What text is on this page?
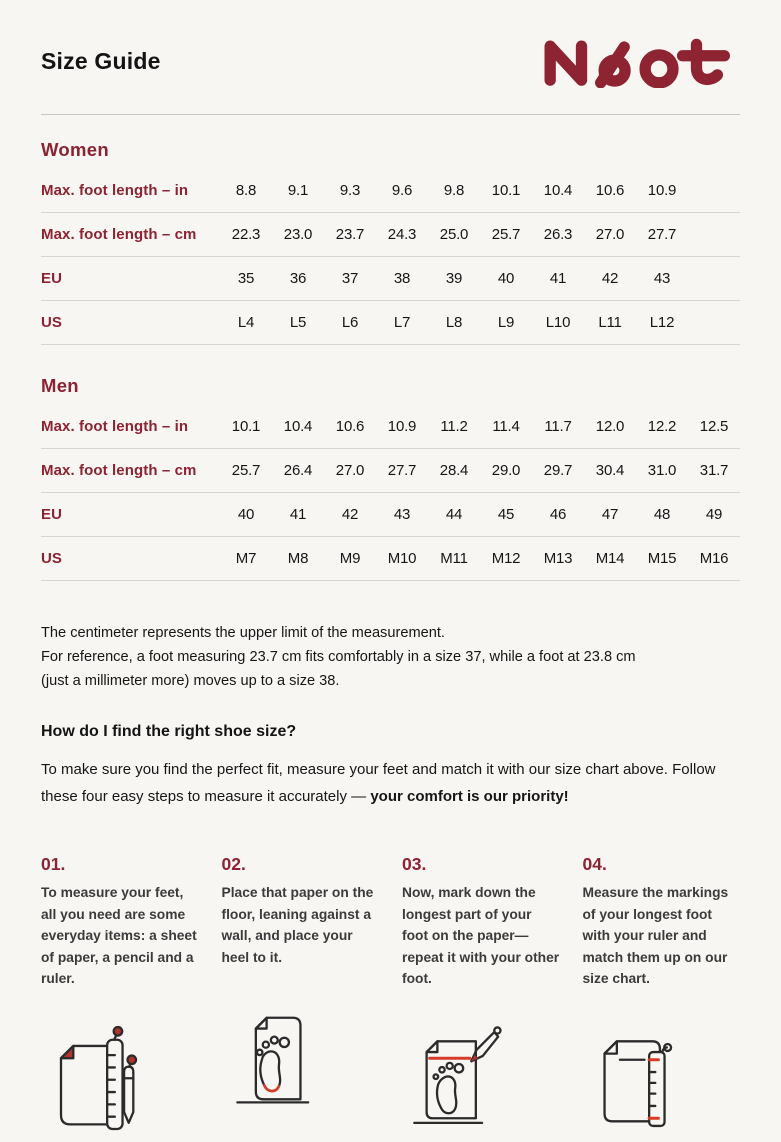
Size Guide
Women
Max. foot length – in	8.8	9.1	9.3	9.6	9.8	10.1	10.4	10.6	10.9
Max. foot length – cm	22.3	23.0	23.7	24.3	25.0	25.7	26.3	27.0	27.7
EU	35	36	37	38	39	40	41	42	43
US	L4	L5	L6	L7	L8	L9	L10	L11	L12
Men
Max. foot length – in	10.1	10.4	10.6	10.9	11.2	11.4	11.7	12.0	12.2	12.5
Max. foot length – cm	25.7	26.4	27.0	27.7	28.4	29.0	29.7	30.4	31.0	31.7
EU	40	41	42	43	44	45	46	47	48	49
US	M7	M8	M9	M10	M11	M12	M13	M14	M15	M16
The centimeter represents the upper limit of the measurement.
For reference, a foot measuring 23.7 cm fits comfortably in a size 37, while a foot at 23.8 cm
(just a millimeter more) moves up to a size 38.
How do I find the right shoe size?

To make sure you find the perfect fit, measure your feet and match it with our size chart above. Follow these four easy steps to measure it accurately — your comfort is our priority!

01.
To measure your feet, all you need are some everyday items: a sheet of paper, a pencil and a ruler.
02.
Place that paper on the floor, leaning against a wall, and place your heel to it.
03.
Now, mark down the longest part of your foot on the paper—repeat it with your other foot.
04.
Measure the markings of your longest foot with your ruler and match them up on our size chart.
